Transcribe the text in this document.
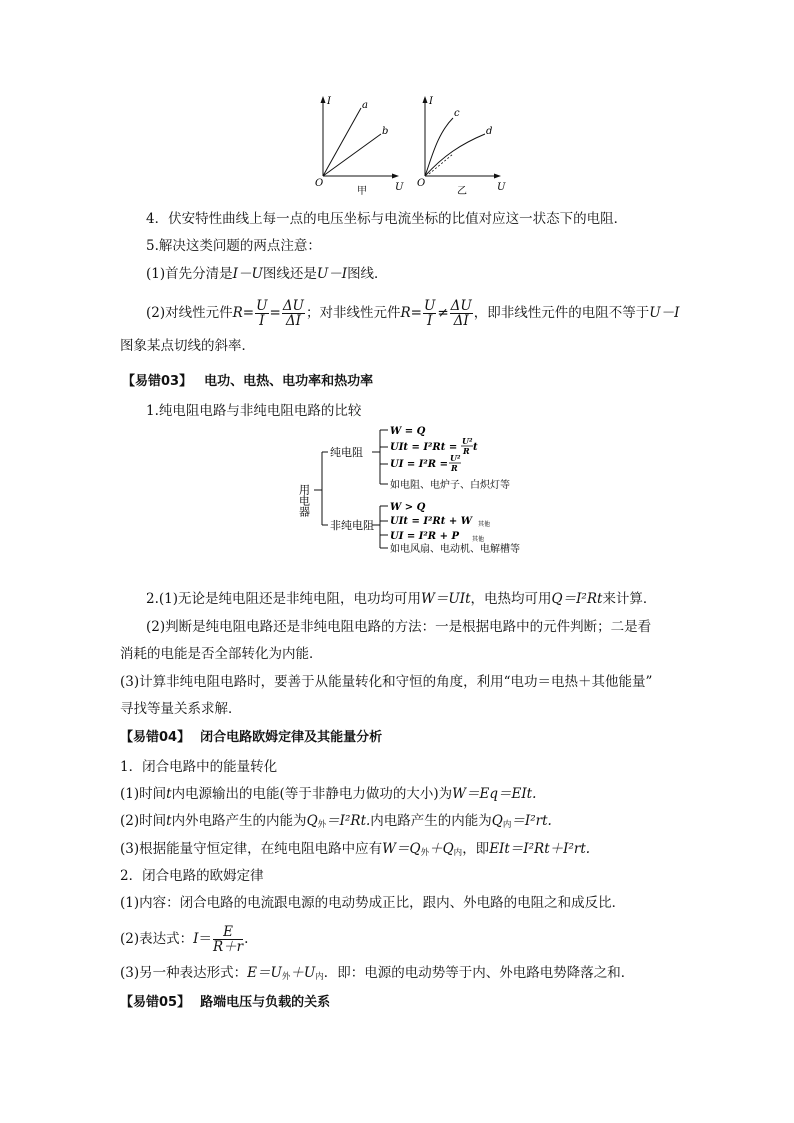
I
U
O
a
b
甲
I
U
O
c
d
乙
4．伏安特性曲线上每一点的电压坐标与电流坐标的比值对应这一状态下的电阻．
5.解决这类问题的两点注意：
(1)首先分清是I－U图线还是U－I图线．
(2)对线性元件$R= \frac{U}{I} = \frac{\Delta U}{\Delta I}$ ；对非线性元件$R= \frac{U}{I} \ne \frac{\Delta U}{\Delta I}$ ，即非线性元件的电阻不等于U－I
图象某点切线的斜率．
【易错03】 电功、电热、电功率和热功率
1.纯电阻电路与非纯电阻电路的比较
用电器
纯电阻
非纯电阻
W = Q
UIt = I²Rt =
U²
R t
UI = I²R =
U²
R
如电阻、电炉子、白炽灯等
W > Q
UIt = I²Rt + W 其他
UI = I²R + P 其他
如电风扇、电动机、电解槽等
2.(1)无论是纯电阻还是非纯电阻，电功均可用W＝UIt，电热均可用Q＝I²Rt来计算．
(2)判断是纯电阻电路还是非纯电阻电路的方法：一是根据电路中的元件判断；二是看
消耗的电能是否全部转化为内能．
(3)计算非纯电阻电路时，要善于从能量转化和守恒的角度，利用“电功＝电热＋其他能量”
寻找等量关系求解．
【易错04】 闭合电路欧姆定律及其能量分析
1．闭合电路中的能量转化
(1)时间t内电源输出的电能(等于非静电力做功的大小)为W＝Eq＝EIt.
(2)时间t内外电路产生的内能为$Q_外=I^2Rt$.内电路产生的内能为$Q_内=I^2rt$.
(3)根据能量守恒定律，在纯电阻电路中应有$W=Q_外+Q_内$，即EIt＝I²Rt＋I²rt.
2．闭合电路的欧姆定律
(1)内容：闭合电路的电流跟电源的电动势成正比，跟内、外电路的电阻之和成反比．
(2)表达式：$I= \frac{E}{R+r}$ .
(3)另一种表达形式：$E=U_外+U_内$．即：电源的电动势等于内、外电路电势降落之和．
【易错05】 路端电压与负载的关系
